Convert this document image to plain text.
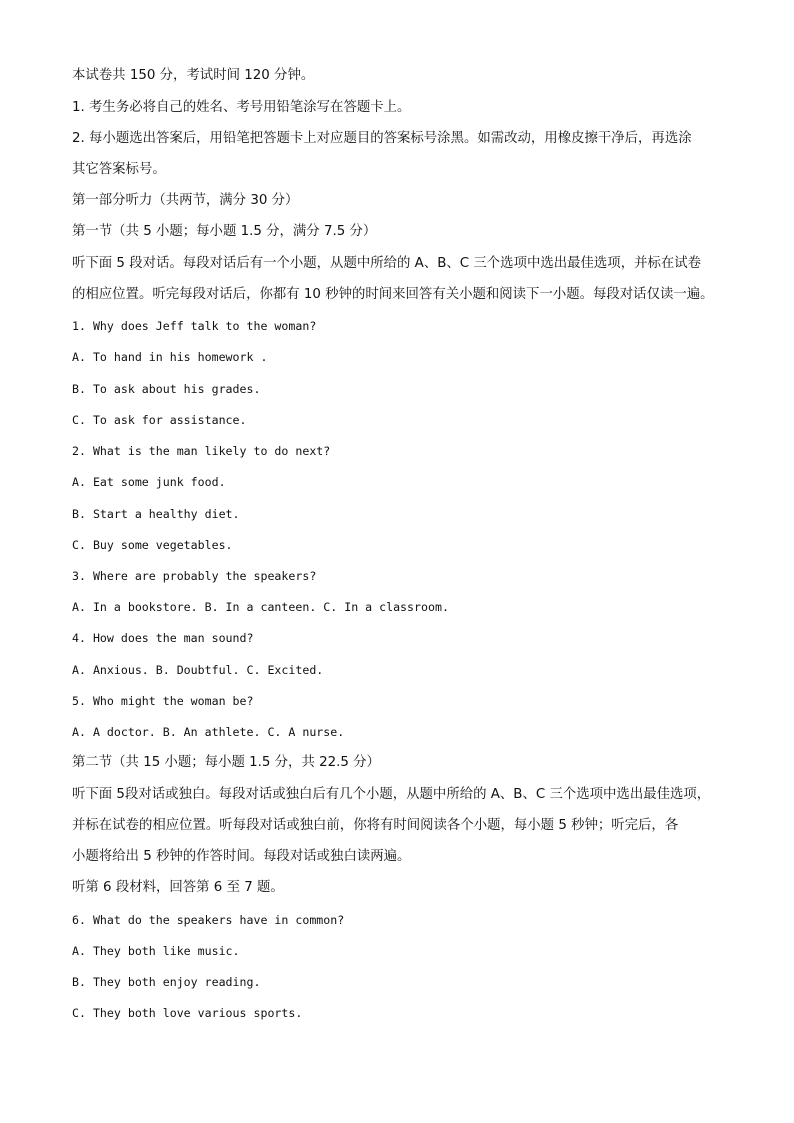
本试卷共 150 分，考试时间 120 分钟。
1. 考生务必将自己的姓名、考号用铅笔涂写在答题卡上。
2. 每小题选出答案后，用铅笔把答题卡上对应题目的答案标号涂黑。如需改动，用橡皮擦干净后，再选涂
其它答案标号。
第一部分听力（共两节，满分 30 分）
第一节（共 5 小题；每小题 1.5 分，满分 7.5 分）
听下面 5 段对话。每段对话后有一个小题，从题中所给的 A、B、C 三个选项中选出最佳选项，并标在试卷
的相应位置。听完每段对话后，你都有 10 秒钟的时间来回答有关小题和阅读下一小题。每段对话仅读一遍。
1. Why does Jeff talk to the woman?
A. To hand in his homework .
B. To ask about his grades.
C. To ask for assistance.
2. What is the man likely to do next?
A. Eat some junk food.
B. Start a healthy diet.
C. Buy some vegetables.
3. Where are probably the speakers?
A. In a bookstore. B. In a canteen. C. In a classroom.
4. How does the man sound?
A. Anxious. B. Doubtful. C. Excited.
5. Who might the woman be?
A. A doctor. B. An athlete. C. A nurse.
第二节（共 15 小题；每小题 1.5 分，共 22.5 分）
听下面 5段对话或独白。每段对话或独白后有几个小题，从题中所给的 A、B、C 三个选项中选出最佳选项，
并标在试卷的相应位置。听每段对话或独白前，你将有时间阅读各个小题，每小题 5 秒钟；听完后，各
小题将给出 5 秒钟的作答时间。每段对话或独白读两遍。
听第 6 段材料，回答第 6 至 7 题。
6. What do the speakers have in common?
A. They both like music.
B. They both enjoy reading.
C. They both love various sports.
